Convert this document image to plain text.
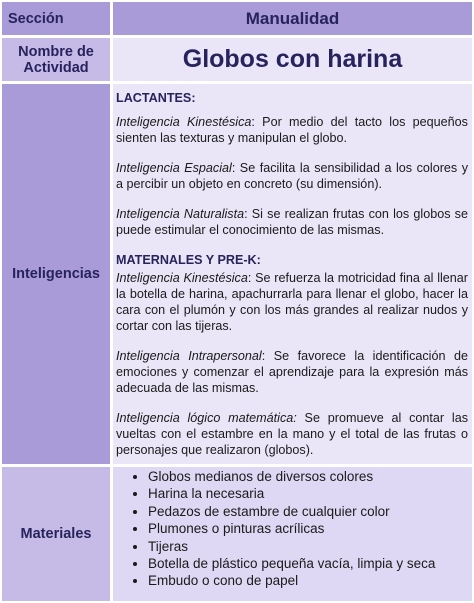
Sección	Manualidad
Nombre de Actividad	Globos con harina
Inteligencias

LACTANTES:

Inteligencia Kinestésica: Por medio del tacto los pequeños sienten las texturas y manipulan el globo.

Inteligencia Espacial: Se facilita la sensibilidad a los colores y a percibir un objeto en concreto (su dimensión).

Inteligencia Naturalista: Si se realizan frutas con los globos se puede estimular el conocimiento de las mismas.

MATERNALES Y PRE-K:

Inteligencia Kinestésica: Se refuerza la motricidad fina al llenar la botella de harina, apachurrarla para llenar el globo, hacer la cara con el plumón y con los más grandes al realizar nudos y cortar con las tijeras.

Inteligencia Intrapersonal: Se favorece la identificación de emociones y comenzar el aprendizaje para la expresión más adecuada de las mismas.

Inteligencia lógico matemática: Se promueve al contar las vueltas con el estambre en la mano y el total de las frutas o personajes que realizaron (globos).

Materiales
• Globos medianos de diversos colores
• Harina la necesaria
• Pedazos de estambre de cualquier color
• Plumones o pinturas acrílicas
• Tijeras
• Botella de plástico pequeña vacía, limpia y seca
• Embudo o cono de papel
